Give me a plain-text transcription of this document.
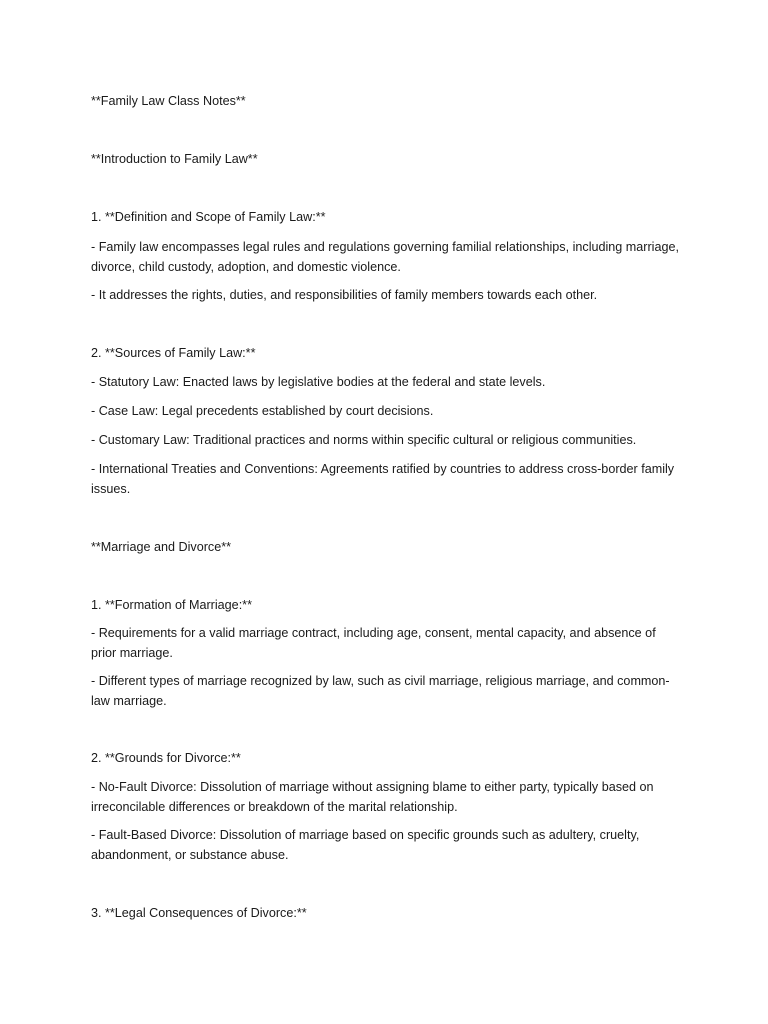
**Family Law Class Notes**

**Introduction to Family Law**

1. **Definition and Scope of Family Law:**

- Family law encompasses legal rules and regulations governing familial relationships, including marriage, divorce, child custody, adoption, and domestic violence.

- It addresses the rights, duties, and responsibilities of family members towards each other.

2. **Sources of Family Law:**

- Statutory Law: Enacted laws by legislative bodies at the federal and state levels.

- Case Law: Legal precedents established by court decisions.

- Customary Law: Traditional practices and norms within specific cultural or religious communities.

- International Treaties and Conventions: Agreements ratified by countries to address cross-border family issues.

**Marriage and Divorce**

1. **Formation of Marriage:**

- Requirements for a valid marriage contract, including age, consent, mental capacity, and absence of prior marriage.

- Different types of marriage recognized by law, such as civil marriage, religious marriage, and common-law marriage.

2. **Grounds for Divorce:**

- No-Fault Divorce: Dissolution of marriage without assigning blame to either party, typically based on irreconcilable differences or breakdown of the marital relationship.

- Fault-Based Divorce: Dissolution of marriage based on specific grounds such as adultery, cruelty, abandonment, or substance abuse.

3. **Legal Consequences of Divorce:**
